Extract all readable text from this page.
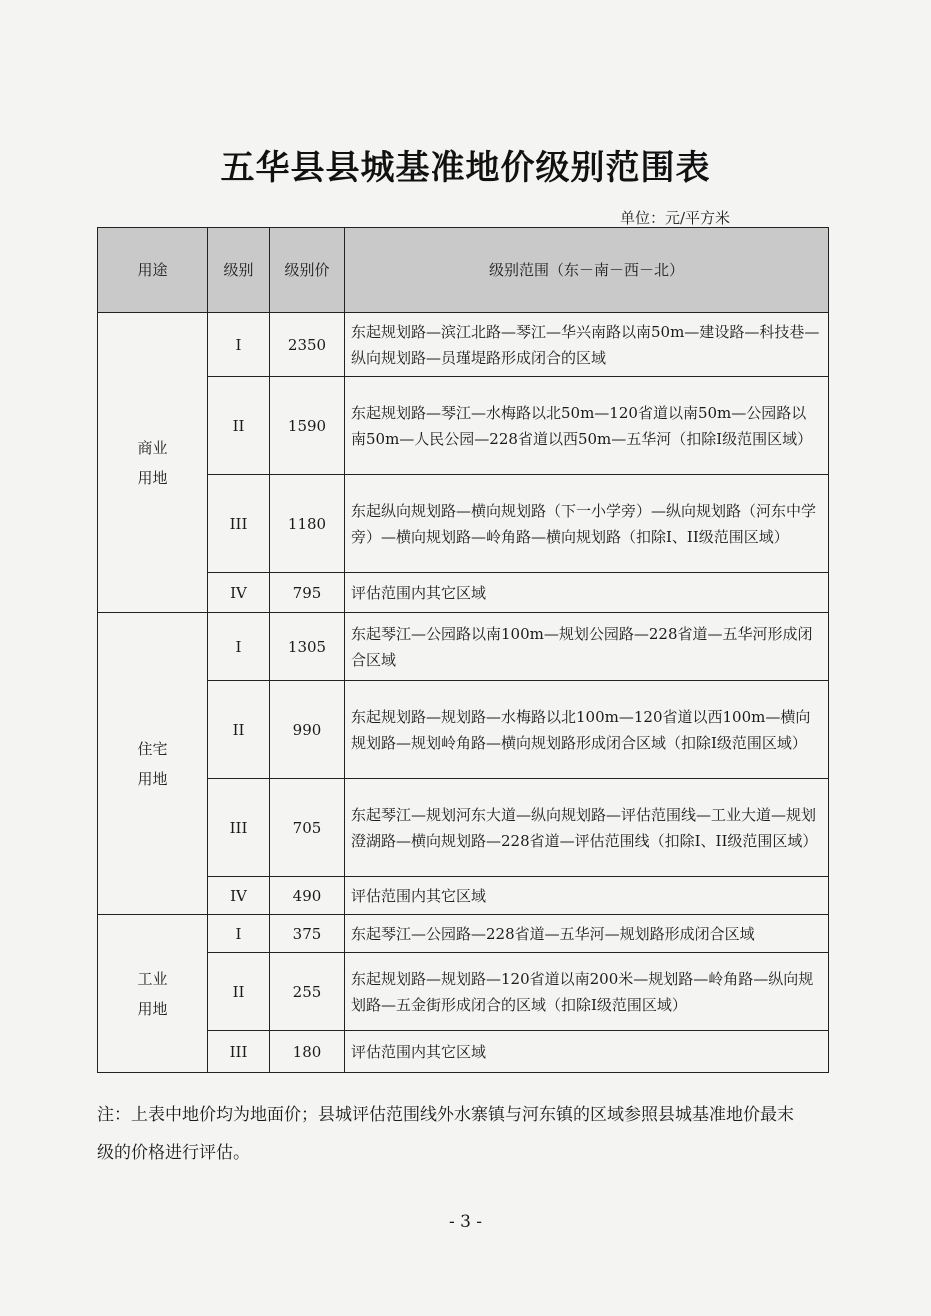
五华县县城基准地价级别范围表
单位：元/平方米
用途	级别	级别价	级别范围（东－南－西－北）

商业
用地	I	2350	东起规划路—滨江北路—琴江—华兴南路以南50m—建设路—科技巷—纵向规划路—员瑾堤路形成闭合的区域
	II	1590	东起规划路—琴江—水梅路以北50m—120省道以南50m—公园路以南50m—人民公园—228省道以西50m—五华河（扣除I级范围区域）
	III	1180	东起纵向规划路—横向规划路（下一小学旁）—纵向规划路（河东中学旁）—横向规划路—岭角路—横向规划路（扣除I、II级范围区域）
	IV	795	评估范围内其它区域

住宅
用地	I	1305	东起琴江—公园路以南100m—规划公园路—228省道—五华河形成闭合区域
	II	990	东起规划路—规划路—水梅路以北100m—120省道以西100m—横向规划路—规划岭角路—横向规划路形成闭合区域（扣除I级范围区域）
	III	705	东起琴江—规划河东大道—纵向规划路—评估范围线—工业大道—规划澄湖路—横向规划路—228省道—评估范围线（扣除I、II级范围区域）
	IV	490	评估范围内其它区域

工业
用地	I	375	东起琴江—公园路—228省道—五华河—规划路形成闭合区域
	II	255	东起规划路—规划路—120省道以南200米—规划路—岭角路—纵向规划路—五金街形成闭合的区域（扣除I级范围区域）
	III	180	评估范围内其它区域
注：上表中地价均为地面价；县城评估范围线外水寨镇与河东镇的区域参照县城基准地价最末级的价格进行评估。
- 3 -
